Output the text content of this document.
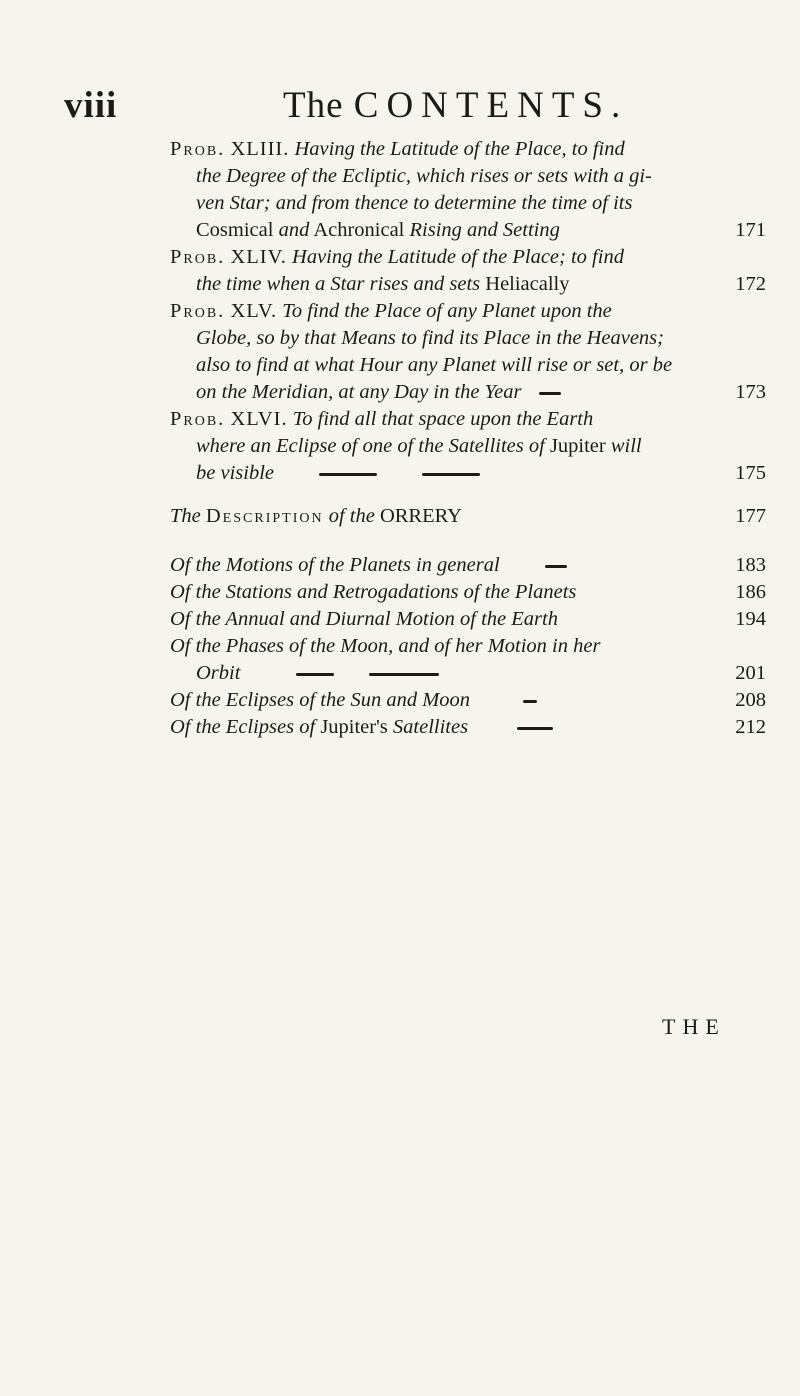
viii	The CONTENTS.
Prob. XLIII. Having the Latitude of the Place, to find
the Degree of the Ecliptic, which rises or sets with a gi-
ven Star; and from thence to determine the time of its
Cosmical and Achronical Rising and Setting	171
Prob. XLIV. Having the Latitude of the Place; to find
the time when a Star rises and sets Heliacally	172
Prob. XLV. To find the Place of any Planet upon the
Globe, so by that Means to find its Place in the Heavens;
also to find at what Hour any Planet will rise or set, or be
on the Meridian, at any Day in the Year	173
Prob. XLVI. To find all that space upon the Earth
where an Eclipse of one of the Satellites of Jupiter will
be visible	175
The Description of the ORRERY	177
Of the Motions of the Planets in general	183
Of the Stations and Retrogadations of the Planets	186
Of the Annual and Diurnal Motion of the Earth	194
Of the Phases of the Moon, and of her Motion in her
Orbit	201
Of the Eclipses of the Sun and Moon	208
Of the Eclipses of Jupiter's Satellites	212
THE
